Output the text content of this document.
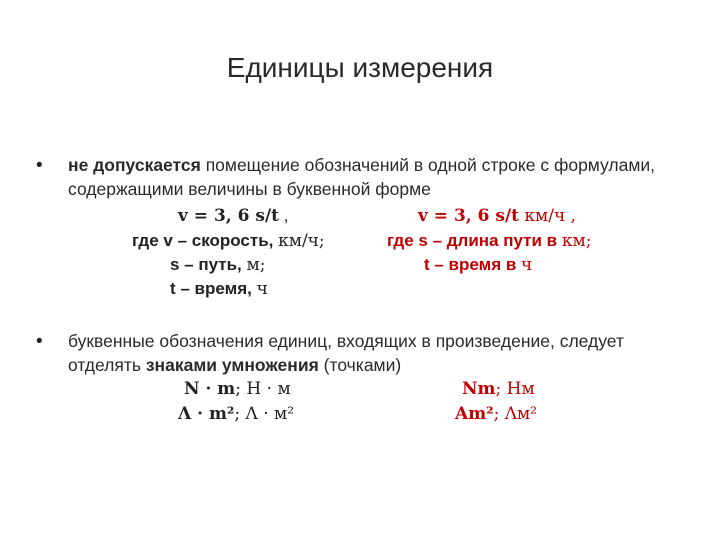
Единицы измерения
• не допускается помещение обозначений в одной строке с формулами, содержащими величины в буквенной форме
v = 3, 6 s/t ,
где v – скорость, км/ч;
s – путь, м;
t – время, ч
v = 3, 6 s/t км/ч ,
где s – длина пути в км;
t – время в ч
• буквенные обозначения единиц, входящих в произведение, следует отделять знаками умножения (точками)
N · m; Н · м
Λ · m²; Λ · м²
Nm; Нм
Am²; Λм²
